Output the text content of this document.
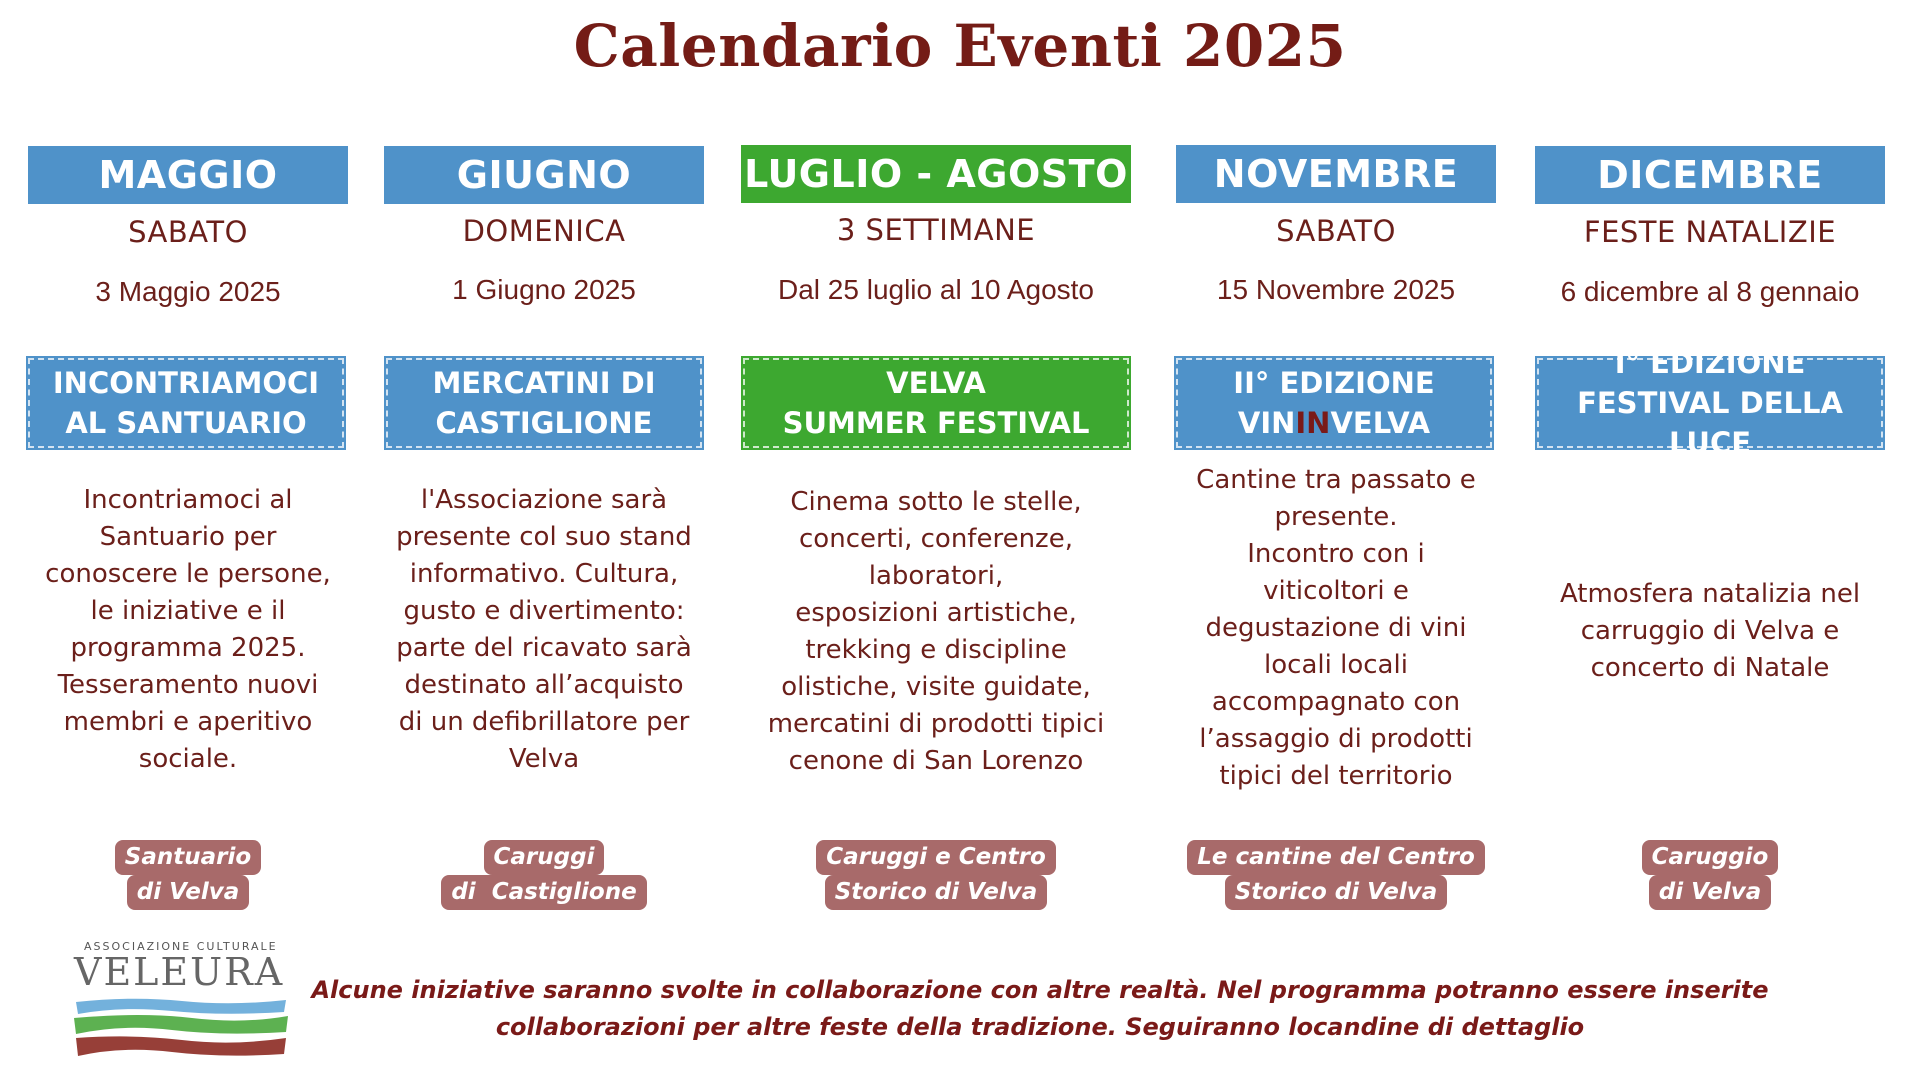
Calendario Eventi 2025
MAGGIO
SABATO
3 Maggio 2025
INCONTRIAMOCI
AL SANTUARIO
Incontriamoci al
Santuario per
conoscere le persone,
le iniziative e il
programma 2025.
Tesseramento nuovi
membri e aperitivo
sociale.
Santuario
di Velva
GIUGNO
DOMENICA
1 Giugno 2025
MERCATINI DI
CASTIGLIONE
l'Associazione sarà
presente col suo stand
informativo. Cultura,
gusto e divertimento:
parte del ricavato sarà
destinato all’acquisto
di un defibrillatore per
Velva
Caruggi
di  Castiglione
LUGLIO - AGOSTO
3 SETTIMANE
Dal 25 luglio al 10 Agosto
VELVA
SUMMER FESTIVAL
Cinema sotto le stelle,
concerti, conferenze,
laboratori,
esposizioni artistiche,
trekking e discipline
olistiche, visite guidate,
mercatini di prodotti tipici
cenone di San Lorenzo
Caruggi e Centro
Storico di Velva
NOVEMBRE
SABATO
15 Novembre 2025
II° EDIZIONE
VININVELVA
Cantine tra passato e
presente.
Incontro con i
viticoltori e
degustazione di vini
locali locali
accompagnato con
l’assaggio di prodotti
tipici del territorio
Le cantine del Centro
Storico di Velva
DICEMBRE
FESTE NATALIZIE
6 dicembre al 8 gennaio
I° EDIZIONE
FESTIVAL DELLA LUCE
Atmosfera natalizia nel
carruggio di Velva e
concerto di Natale
Caruggio
di Velva
ASSOCIAZIONE CULTURALE
VELEURA	Alcune iniziative saranno svolte in collaborazione con altre realtà. Nel programma potranno essere inserite
collaborazioni per altre feste della tradizione. Seguiranno locandine di dettaglio
